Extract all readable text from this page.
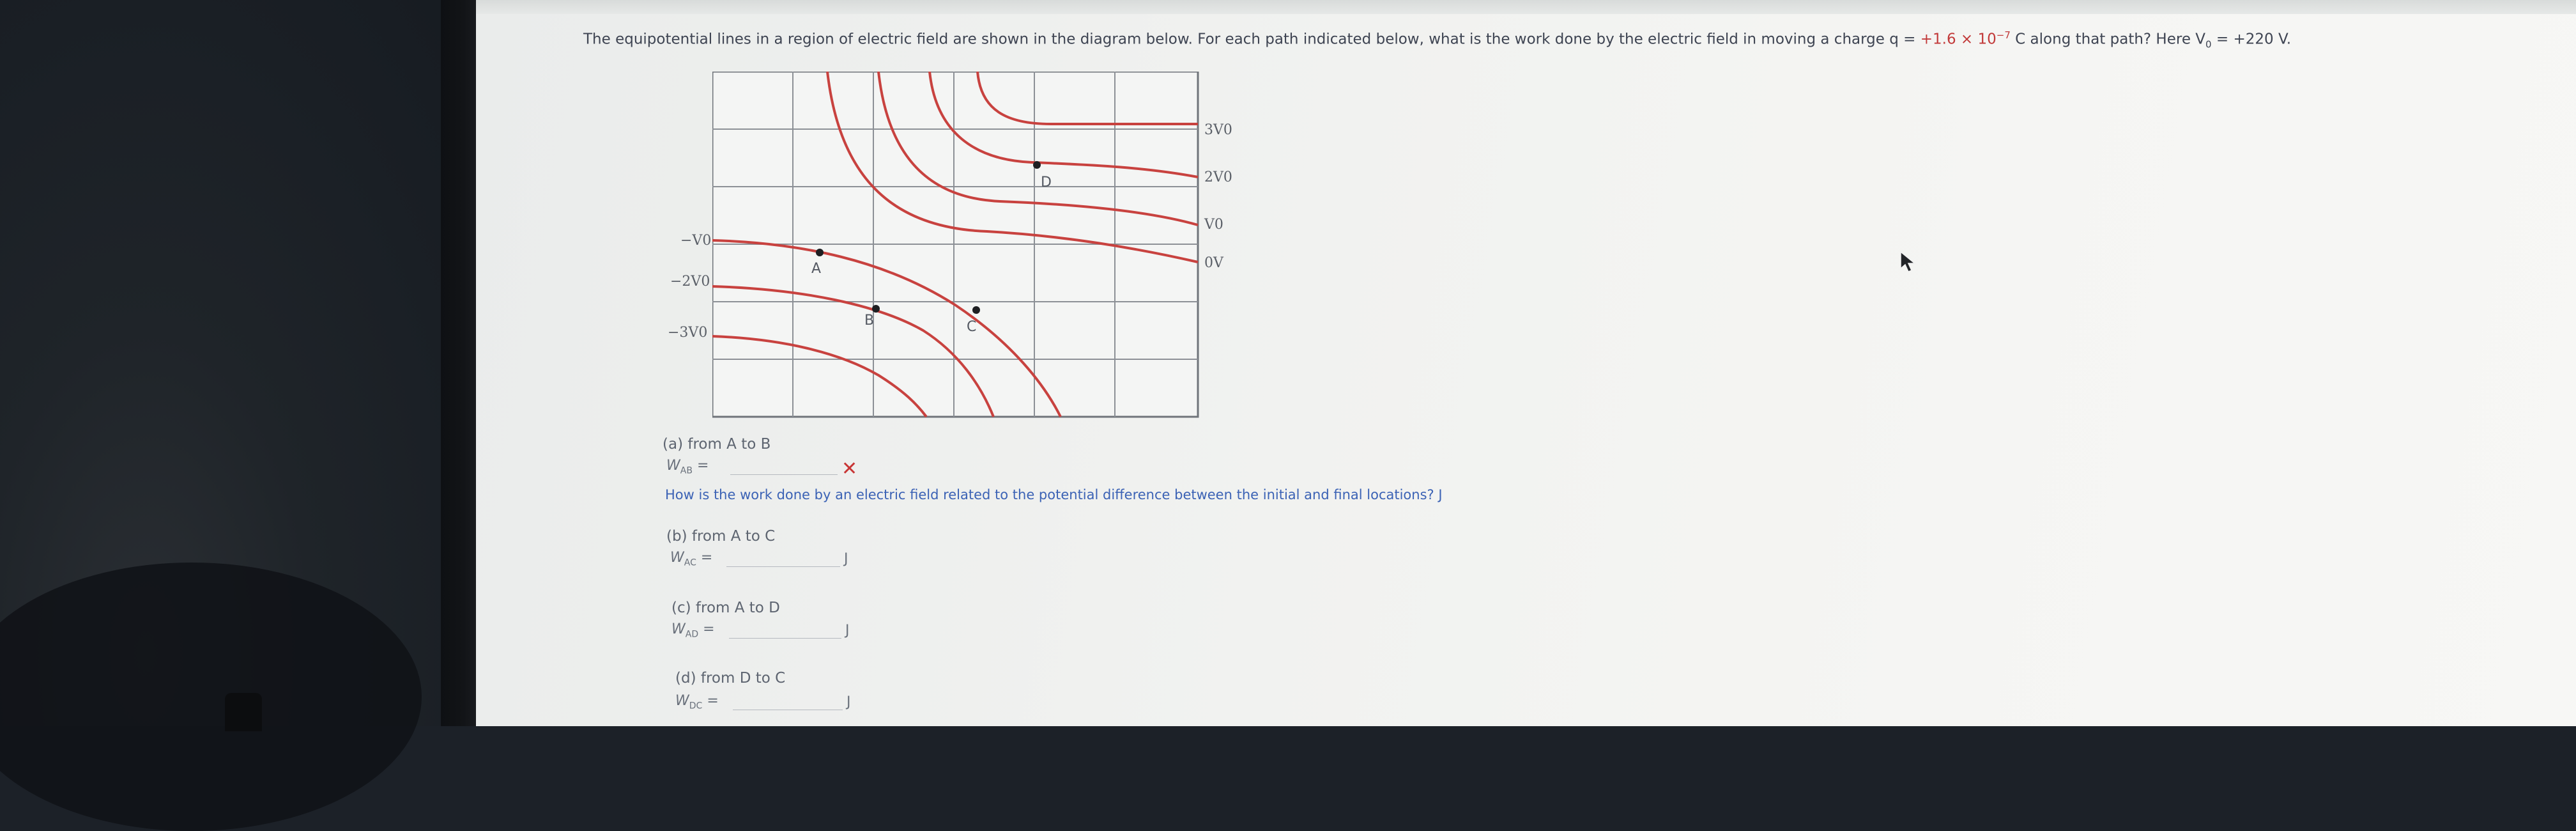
The equipotential lines in a region of electric field are shown in the diagram below. For each path indicated below, what is the work done by the electric field in moving a charge $q = +1.6 \times 10^{-7}$ C along that path? Here $V_0 = +220$ V.
A
B	C
D
3V0
2V0
V0
0V
−V0
−2V0
−3V0
(a) from A to B
$W_{AB}$ =	✕
How is the work done by an electric field related to the potential difference between the initial and final locations? J
(b) from A to C
$W_{AC}$ =	J
(c) from A to D
$W_{AD}$ =	J
(d) from D to C
$W_{DC}$ =	J
